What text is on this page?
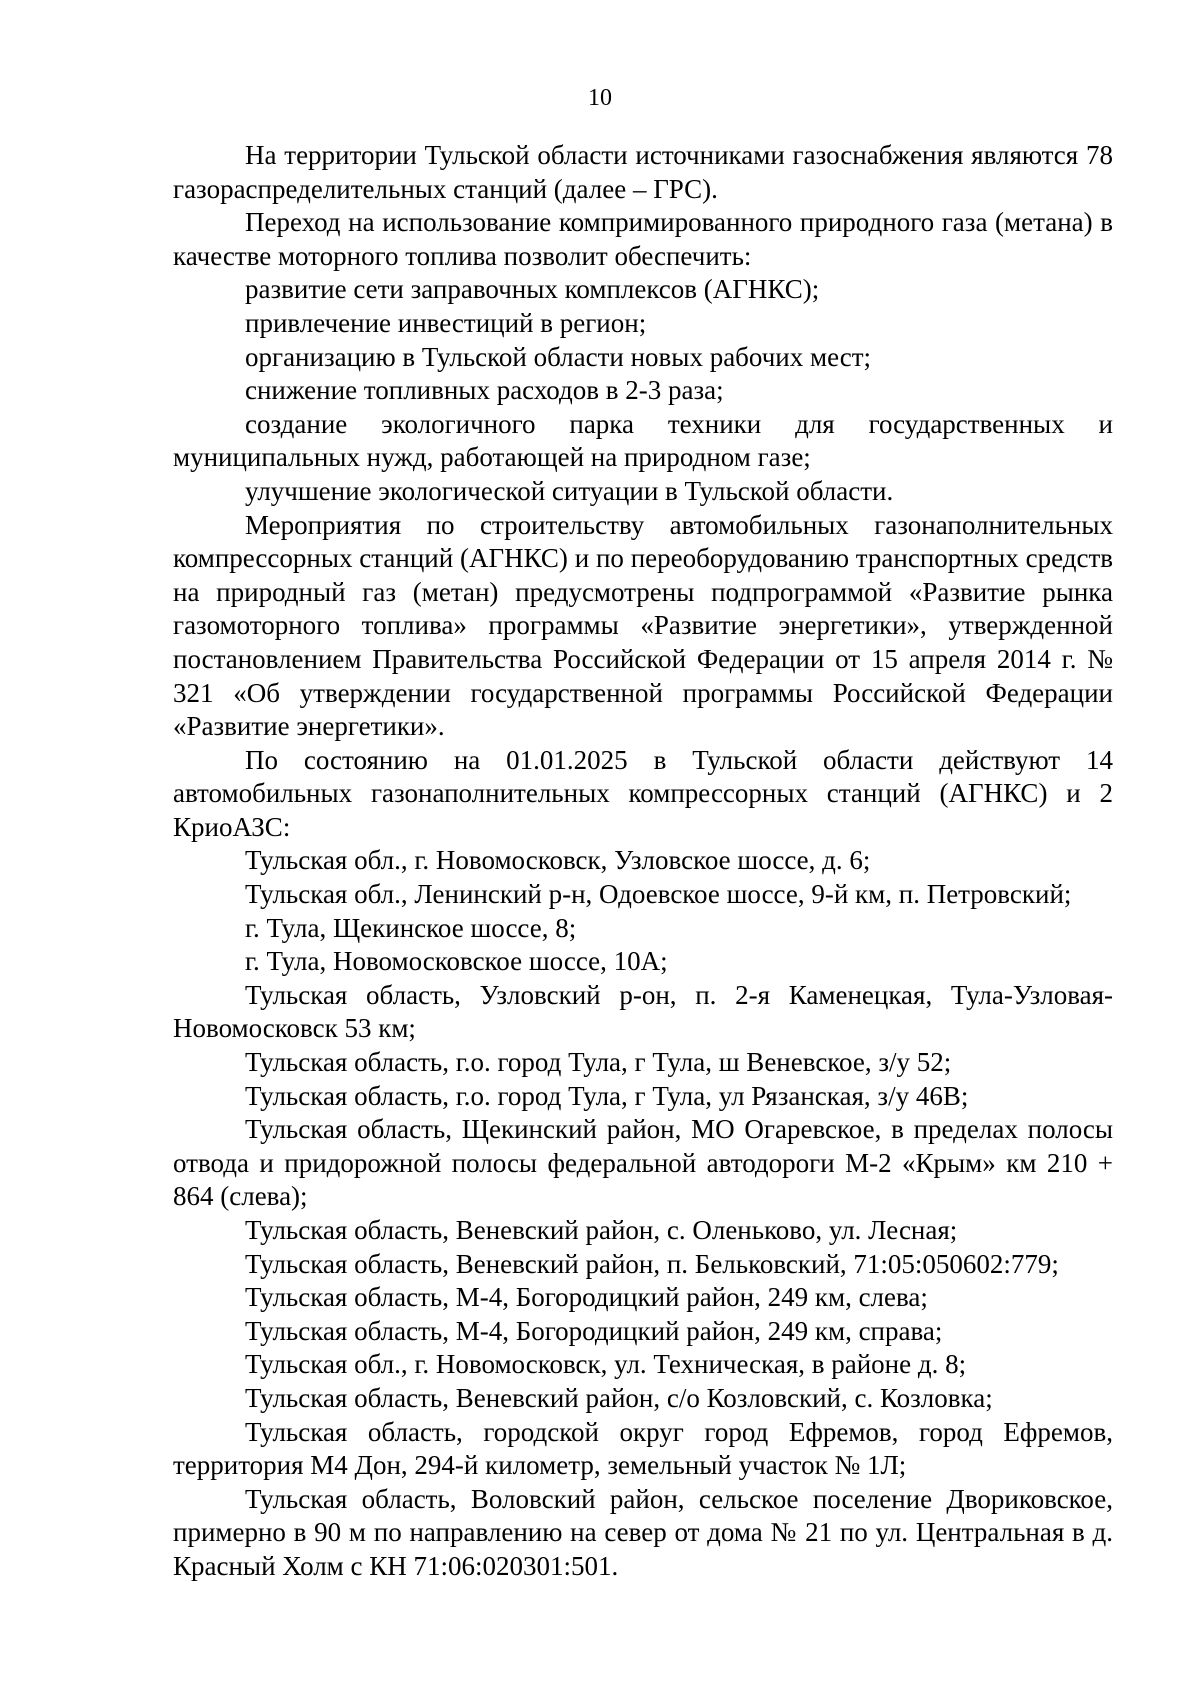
10

На территории Тульской области источниками газоснабжения являются 78 газораспределительных станций (далее – ГРС).

Переход на использование компримированного природного газа (метана) в качестве моторного топлива позволит обеспечить:

развитие сети заправочных комплексов (АГНКС);

привлечение инвестиций в регион;

организацию в Тульской области новых рабочих мест;

снижение топливных расходов в 2-3 раза;

создание экологичного парка техники для государственных и муниципальных нужд, работающей на природном газе;

улучшение экологической ситуации в Тульской области.

Мероприятия по строительству автомобильных газонаполнительных компрессорных станций (АГНКС) и по переоборудованию транспортных средств на природный газ (метан) предусмотрены подпрограммой «Развитие рынка газомоторного топлива» программы «Развитие энергетики», утвержденной постановлением Правительства Российской Федерации от 15 апреля 2014 г. № 321 «Об утверждении государственной программы Российской Федерации «Развитие энергетики».

По состоянию на 01.01.2025 в Тульской области действуют 14 автомобильных газонаполнительных компрессорных станций (АГНКС) и 2 КриоАЗС:

Тульская обл., г. Новомосковск, Узловское шоссе, д. 6;

Тульская обл., Ленинский р-н, Одоевское шоссе, 9-й км, п. Петровский;

г. Тула, Щекинское шоссе, 8;

г. Тула, Новомосковское шоссе, 10А;

Тульская область, Узловский р-он, п. 2-я Каменецкая, Тула-Узловая-Новомосковск 53 км;

Тульская область, г.о. город Тула, г Тула, ш Веневское, з/у 52;

Тульская область, г.о. город Тула, г Тула, ул Рязанская, з/у 46В;

Тульская область, Щекинский район, МО Огаревское, в пределах полосы отвода и придорожной полосы федеральной автодороги М-2 «Крым» км 210 + 864 (слева);

Тульская область, Веневский район, с. Оленьково, ул. Лесная;

Тульская область, Веневский район, п. Бельковский, 71:05:050602:779;

Тульская область, М-4, Богородицкий район, 249 км, слева;

Тульская область, М-4, Богородицкий район, 249 км, справа;

Тульская обл., г. Новомосковск, ул. Техническая, в районе д. 8;

Тульская область, Веневский район, с/о Козловский, с. Козловка;

Тульская область, городской округ город Ефремов, город Ефремов, территория М4 Дон, 294-й километр, земельный участок № 1Л;

Тульская область, Воловский район, сельское поселение Двориковское, примерно в 90 м по направлению на север от дома № 21 по ул. Центральная в д. Красный Холм с КН 71:06:020301:501.
